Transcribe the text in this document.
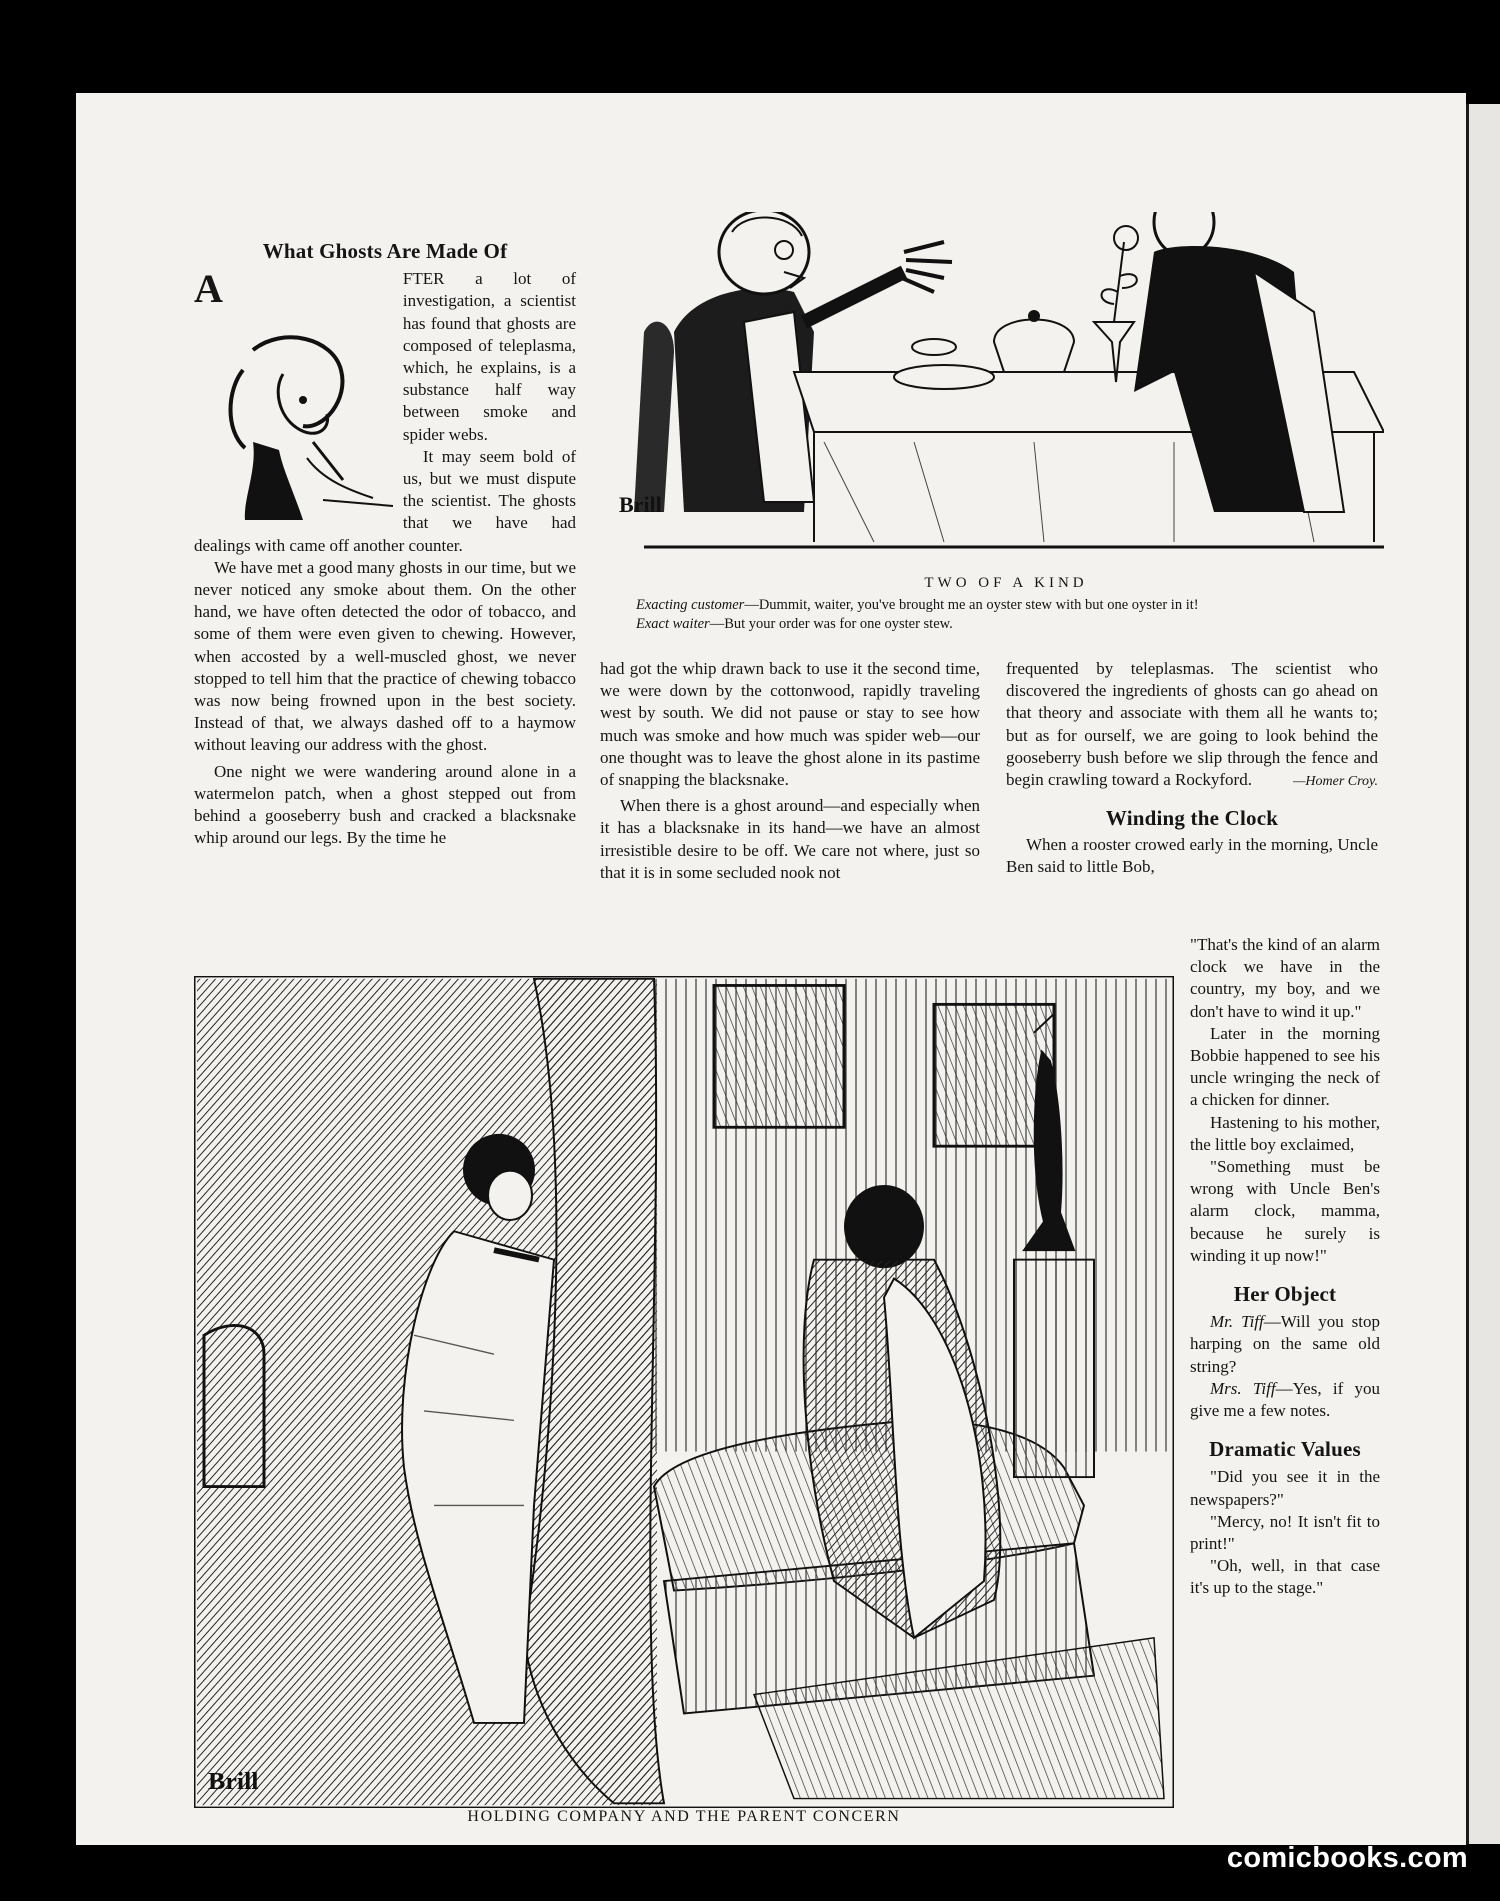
What Ghosts Are Made Of

A	FTER a lot of investigation, a scientist has found that ghosts are composed of teleplasma, which, he explains, is a substance half way between smoke and spider webs.

It may seem bold of us, but we must dispute the scientist. The ghosts that we have had dealings with came off another counter.

We have met a good many ghosts in our time, but we never noticed any smoke about them. On the other hand, we have often detected the odor of tobacco, and some of them were even given to chewing. However, when accosted by a well-muscled ghost, we never stopped to tell him that the practice of chewing tobacco was now being frowned upon in the best society. Instead of that, we always dashed off to a haymow without leaving our address with the ghost.

One night we were wandering around alone in a watermelon patch, when a ghost stepped out from behind a gooseberry bush and cracked a blacksnake whip around our legs. By the time he

Brill
TWO OF A KIND
Exacting customer—Dummit, waiter, you've brought me an oyster stew with but one oyster in it!
Exact waiter—But your order was for one oyster stew.

had got the whip drawn back to use it the second time, we were down by the cottonwood, rapidly traveling west by south. We did not pause or stay to see how much was smoke and how much was spider web—our one thought was to leave the ghost alone in its pastime of snapping the blacksnake.

When there is a ghost around—and especially when it has a blacksnake in its hand—we have an almost irresistible desire to be off. We care not where, just so that it is in some secluded nook not

frequented by teleplasmas. The scientist who discovered the ingredients of ghosts can go ahead on that theory and associate with them all he wants to; but as for ourself, we are going to look behind the gooseberry bush before we slip through the fence and begin crawling toward a Rockyford.	—Homer Croy.
Winding the Clock

When a rooster crowed early in the morning, Uncle Ben said to little Bob,

"That's the kind of an alarm clock we have in the country, my boy, and we don't have to wind it up."

Later in the morning Bobbie happened to see his uncle wringing the neck of a chicken for dinner.

Hastening to his mother, the little boy exclaimed,

"Something must be wrong with Uncle Ben's alarm clock, mamma, because he surely is winding it up now!"

Her Object

Mr. Tiff—Will you stop harping on the same old string?

Mrs. Tiff—Yes, if you give me a few notes.

Dramatic Values

"Did you see it in the newspapers?"

"Mercy, no! It isn't fit to print!"

"Oh, well, in that case it's up to the stage."

Brill
HOLDING COMPANY AND THE PARENT CONCERN
comicbooks.com
